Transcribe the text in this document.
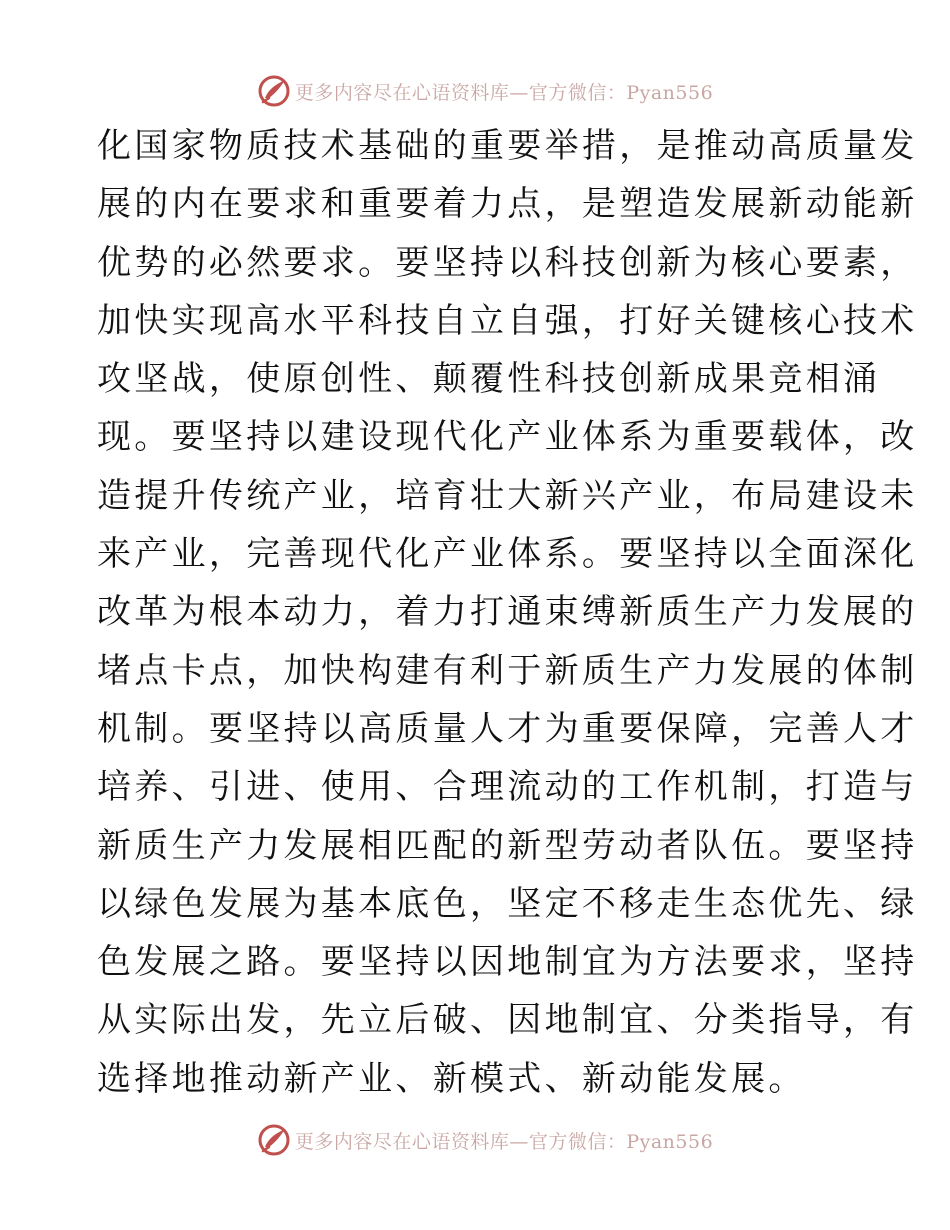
更多内容尽在心语资料库—官方微信：Pyan556
化国家物质技术基础的重要举措，是推动高质量发
展的内在要求和重要着力点，是塑造发展新动能新
优势的必然要求。要坚持以科技创新为核心要素，
加快实现高水平科技自立自强，打好关键核心技术
攻坚战，使原创性、颠覆性科技创新成果竞相涌
现。要坚持以建设现代化产业体系为重要载体，改
造提升传统产业，培育壮大新兴产业，布局建设未
来产业，完善现代化产业体系。要坚持以全面深化
改革为根本动力，着力打通束缚新质生产力发展的
堵点卡点，加快构建有利于新质生产力发展的体制
机制。要坚持以高质量人才为重要保障，完善人才
培养、引进、使用、合理流动的工作机制，打造与
新质生产力发展相匹配的新型劳动者队伍。要坚持
以绿色发展为基本底色，坚定不移走生态优先、绿
色发展之路。要坚持以因地制宜为方法要求，坚持
从实际出发，先立后破、因地制宜、分类指导，有
选择地推动新产业、新模式、新动能发展。
更多内容尽在心语资料库—官方微信：Pyan556
